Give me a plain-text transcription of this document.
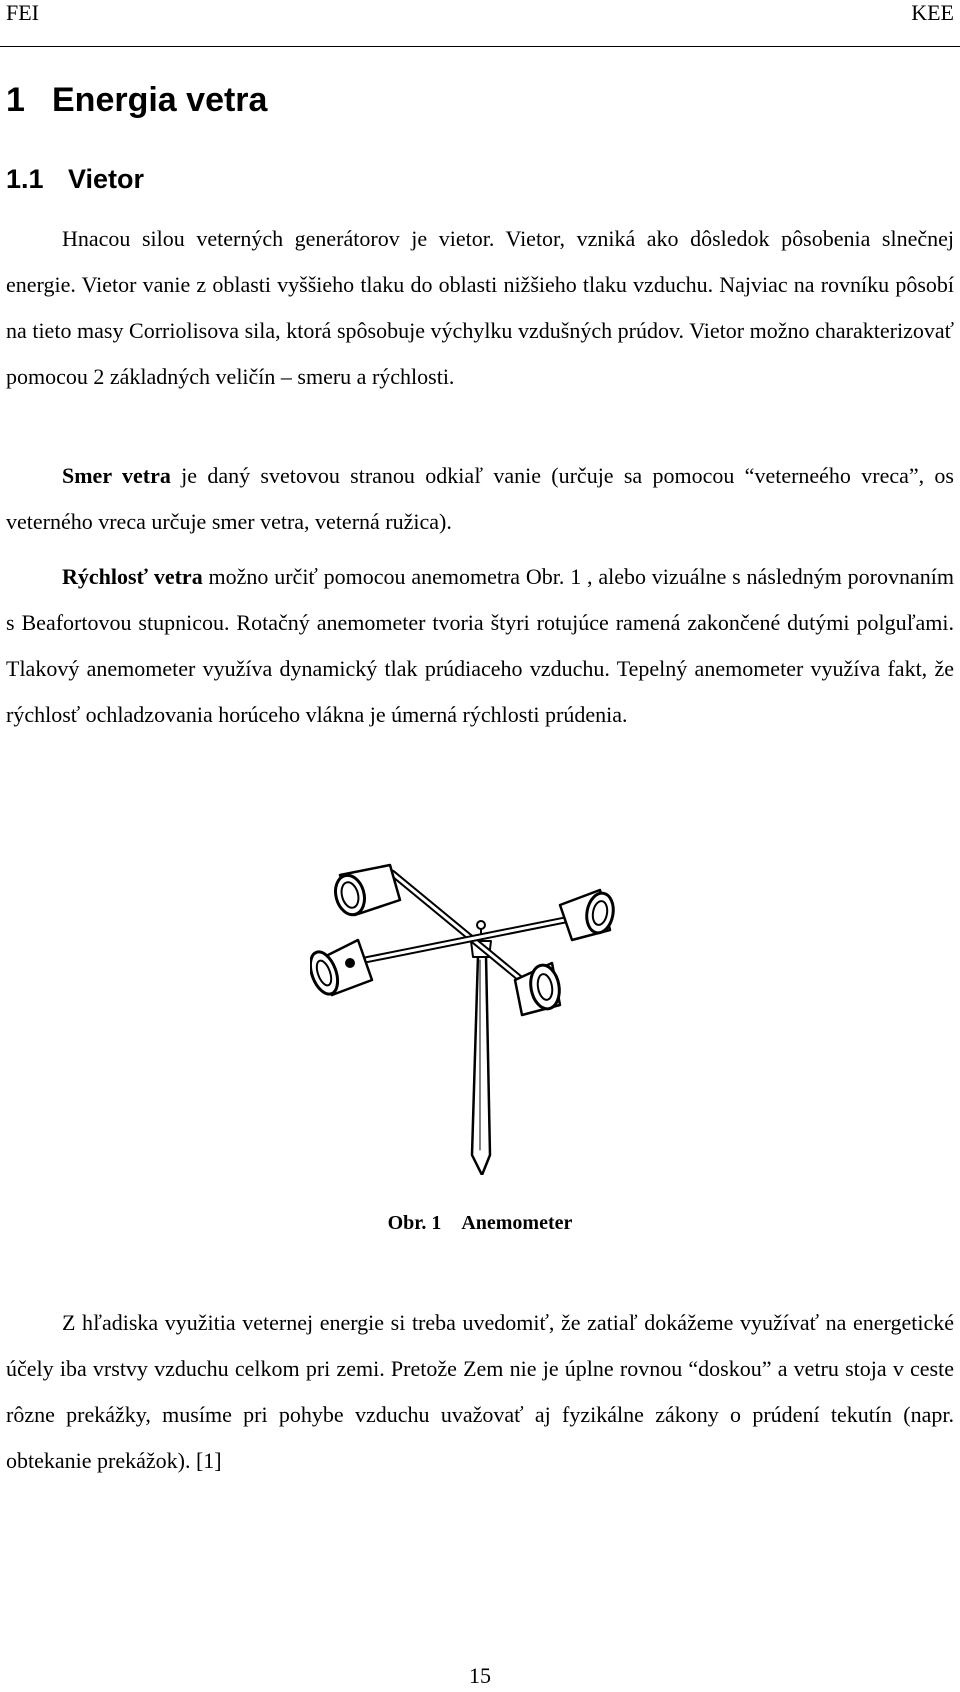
FEI	KEE
1 Energia vetra
1.1 Vietor

Hnacou silou veterných generátorov je vietor. Vietor, vzniká ako dôsledok pôsobenia slnečnej energie. Vietor vanie z oblasti vyššieho tlaku do oblasti nižšieho tlaku vzduchu. Najviac na rovníku pôsobí na tieto masy Corriolisova sila, ktorá spôsobuje výchylku vzdušných prúdov. Vietor možno charakterizovať pomocou 2 základných veličín – smeru a rýchlosti.

Smer vetra je daný svetovou stranou odkiaľ vanie (určuje sa pomocou “veterneého vreca”, os veterného vreca určuje smer vetra, veterná ružica).

Rýchlosť vetra možno určiť pomocou anemometra Obr. 1 , alebo vizuálne s následným porovnaním s Beafortovou stupnicou. Rotačný anemometer tvoria štyri rotujúce ramená zakončené dutými polguľami. Tlakový anemometer využíva dynamický tlak prúdiaceho vzduchu. Tepelný anemometer využíva fakt, že rýchlosť ochladzovania horúceho vlákna je úmerná rýchlosti prúdenia.

Obr. 1 Anemometer

Z hľadiska využitia veternej energie si treba uvedomiť, že zatiaľ dokážeme využívať na energetické účely iba vrstvy vzduchu celkom pri zemi. Pretože Zem nie je úplne rovnou “doskou” a vetru stoja v ceste rôzne prekážky, musíme pri pohybe vzduchu uvažovať aj fyzikálne zákony o prúdení tekutín (napr. obtekanie prekážok). [1]

15
